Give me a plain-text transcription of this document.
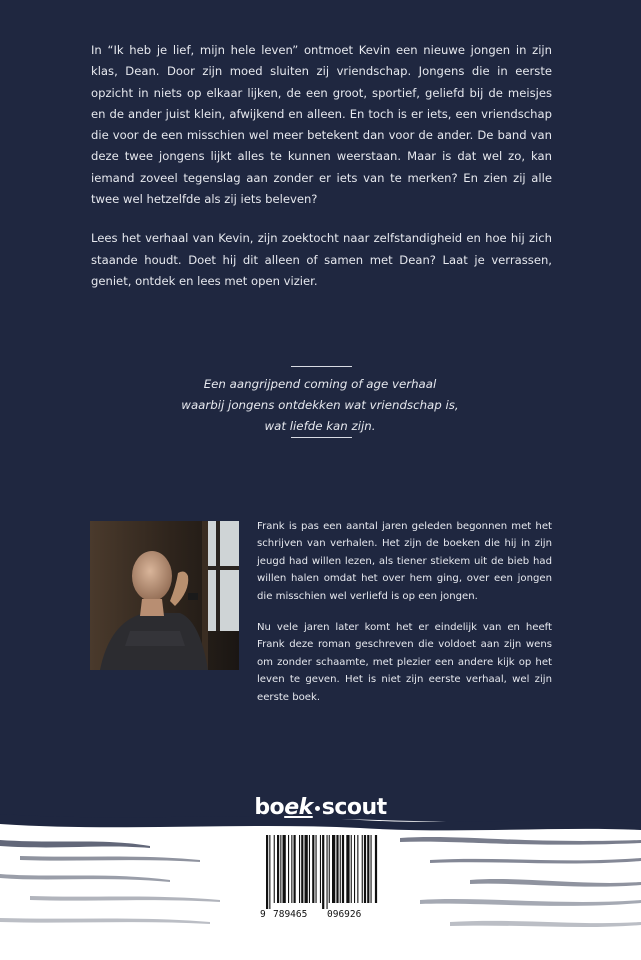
In “Ik heb je lief, mijn hele leven” ontmoet Kevin een nieuwe jongen in zijn klas, Dean. Door zijn moed sluiten zij vriendschap. Jongens die in eerste opzicht in niets op elkaar lijken, de een groot, sportief, geliefd bij de meisjes en de ander juist klein, afwijkend en alleen. En toch is er iets, een vriendschap die voor de een misschien wel meer betekent dan voor de ander. De band van deze twee jongens lijkt alles te kunnen weerstaan. Maar is dat wel zo, kan iemand zoveel tegenslag aan zonder er iets van te merken? En zien zij alle twee wel hetzelfde als zij iets beleven?

Lees het verhaal van Kevin, zijn zoektocht naar zelfstandigheid en hoe hij zich staande houdt. Doet hij dit alleen of samen met Dean? Laat je verrassen, geniet, ontdek en lees met open vizier.

Een aangrijpend coming of age verhaal
waarbij jongens ontdekken wat vriendschap is,
wat liefde kan zijn.

Frank is pas een aantal jaren geleden begonnen met het schrijven van verhalen. Het zijn de boeken die hij in zijn jeugd had willen lezen, als tiener stiekem uit de bieb had willen halen omdat het over hem ging, over een jongen die misschien wel verliefd is op een jongen.

Nu vele jaren later komt het er eindelijk van en heeft Frank deze roman geschreven die voldoet aan zijn wens om zonder schaamte, met plezier een andere kijk op het leven te geven. Het is niet zijn eerste verhaal, wel zijn eerste boek.

boek scout
9 789465 096926
